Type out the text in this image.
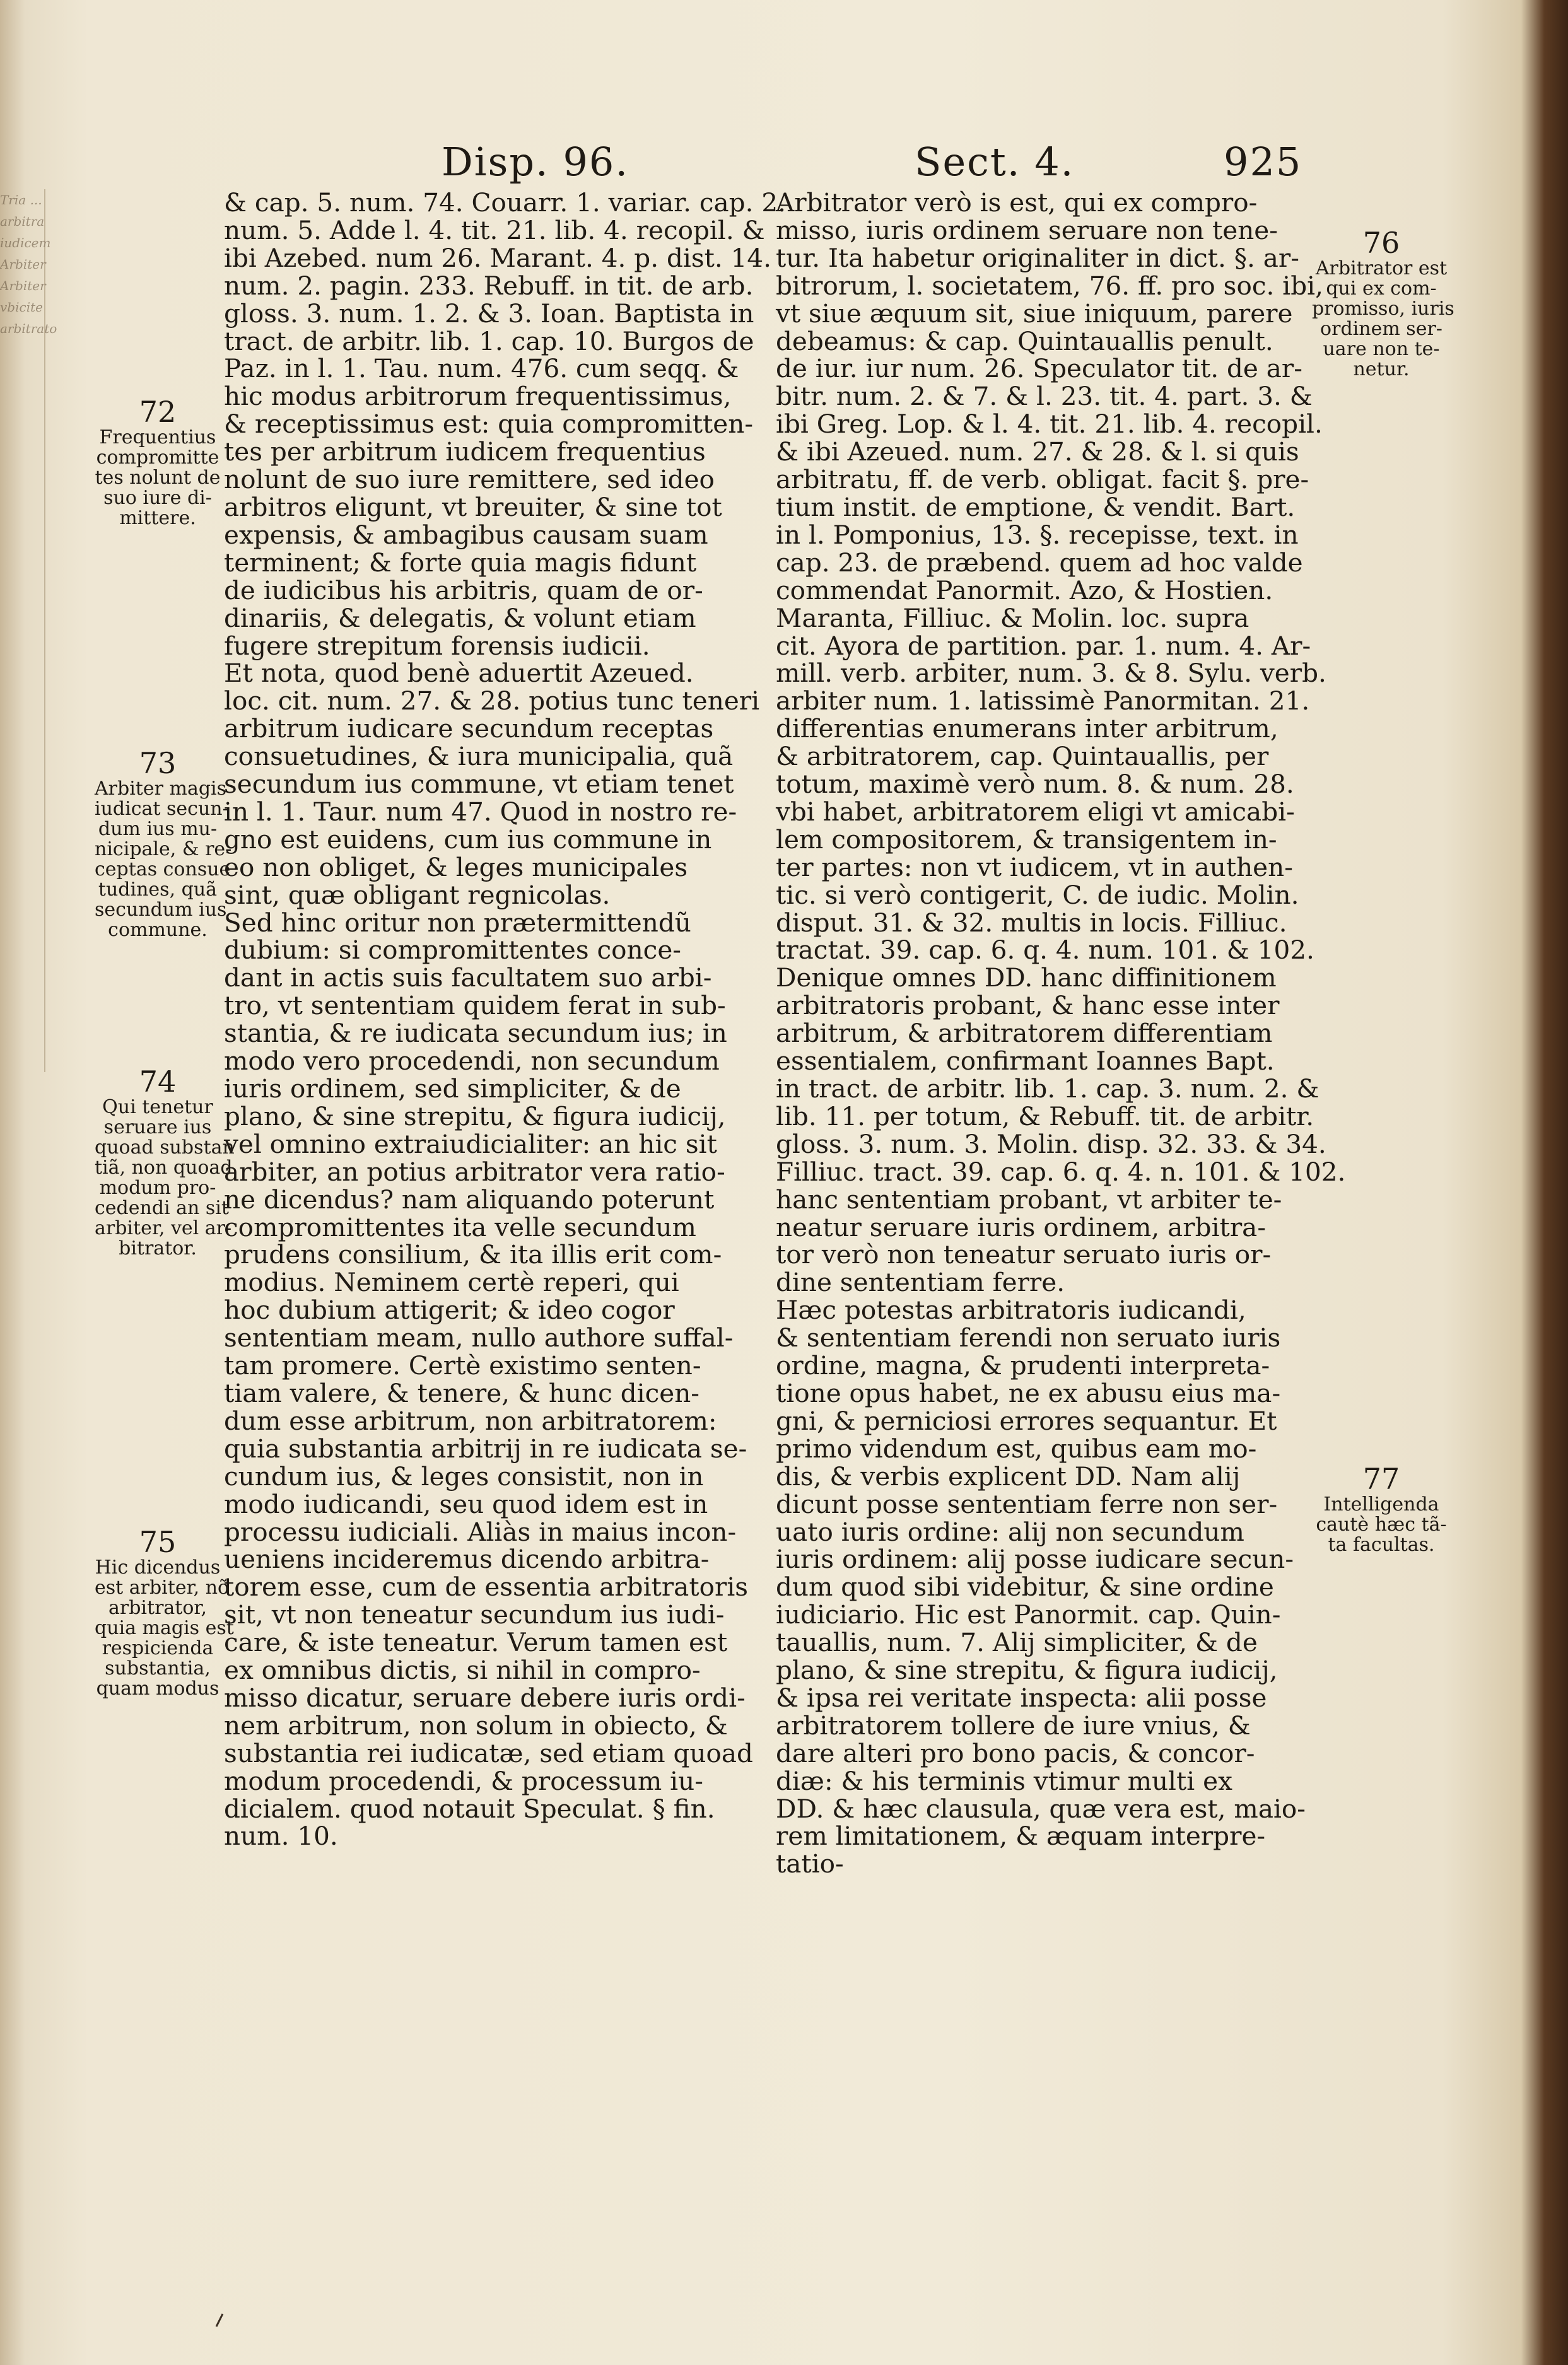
Tria ...
arbitra
iudicem
Arbiter
Arbiter
vbicite
arbitrato
Disp. 96.	Sect. 4.	925
& cap. 5. num. 74. Couarr. 1. variar. cap. 2.
num. 5. Adde l. 4. tit. 21. lib. 4. recopil. &
ibi Azebed. num 26. Marant. 4. p. dist. 14.
num. 2. pagin. 233. Rebuff. in tit. de arb.
gloss. 3. num. 1. 2. & 3. Ioan. Baptista in
tract. de arbitr. lib. 1. cap. 10. Burgos de
Paz. in l. 1. Tau. num. 476. cum seqq. &
hic modus arbitrorum frequentissimus,
& receptissimus est: quia compromitten-
tes per arbitrum iudicem frequentius
nolunt de suo iure remittere, sed ideo
arbitros eligunt, vt breuiter, & sine tot
expensis, & ambagibus causam suam
terminent; & forte quia magis fidunt
de iudicibus his arbitris, quam de or-
dinariis, & delegatis, & volunt etiam
fugere strepitum forensis iudicii.
Et nota, quod benè aduertit Azeued.
loc. cit. num. 27. & 28. potius tunc teneri
arbitrum iudicare secundum receptas
consuetudines, & iura municipalia, quã
secundum ius commune, vt etiam tenet
in l. 1. Taur. num 47. Quod in nostro re-
gno est euidens, cum ius commune in
eo non obliget, & leges municipales
sint, quæ obligant regnicolas.
Sed hinc oritur non prætermittendũ
dubium: si compromittentes conce-
dant in actis suis facultatem suo arbi-
tro, vt sententiam quidem ferat in sub-
stantia, & re iudicata secundum ius; in
modo vero procedendi, non secundum
iuris ordinem, sed simpliciter, & de
plano, & sine strepitu, & figura iudicij,
vel omnino extraiudicialiter: an hic sit
arbiter, an potius arbitrator vera ratio-
ne dicendus? nam aliquando poterunt
compromittentes ita velle secundum
prudens consilium, & ita illis erit com-
modius. Neminem certè reperi, qui
hoc dubium attigerit; & ideo cogor
sententiam meam, nullo authore suffal-
tam promere. Certè existimo senten-
tiam valere, & tenere, & hunc dicen-
dum esse arbitrum, non arbitratorem:
quia substantia arbitrij in re iudicata se-
cundum ius, & leges consistit, non in
modo iudicandi, seu quod idem est in
processu iudiciali. Aliàs in maius incon-
ueniens incideremus dicendo arbitra-
torem esse, cum de essentia arbitratoris
sit, vt non teneatur secundum ius iudi-
care, & iste teneatur. Verum tamen est
ex omnibus dictis, si nihil in compro-
misso dicatur, seruare debere iuris ordi-
nem arbitrum, non solum in obiecto, &
substantia rei iudicatæ, sed etiam quoad
modum procedendi, & processum iu-
dicialem. quod notauit Speculat. § fin.
num. 10.
Arbitrator verò is est, qui ex compro-
misso, iuris ordinem seruare non tene-
tur. Ita habetur originaliter in dict. §. ar-
bitrorum, l. societatem, 76. ff. pro soc. ibi,
vt siue æquum sit, siue iniquum, parere
debeamus: & cap. Quintauallis penult.
de iur. iur num. 26. Speculator tit. de ar-
bitr. num. 2. & 7. & l. 23. tit. 4. part. 3. &
ibi Greg. Lop. & l. 4. tit. 21. lib. 4. recopil.
& ibi Azeued. num. 27. & 28. & l. si quis
arbitratu, ff. de verb. obligat. facit §. pre-
tium instit. de emptione, & vendit. Bart.
in l. Pomponius, 13. §. recepisse, text. in
cap. 23. de præbend. quem ad hoc valde
commendat Panormit. Azo, & Hostien.
Maranta, Filliuc. & Molin. loc. supra
cit. Ayora de partition. par. 1. num. 4. Ar-
mill. verb. arbiter, num. 3. & 8. Sylu. verb.
arbiter num. 1. latissimè Panormitan. 21.
differentias enumerans inter arbitrum,
& arbitratorem, cap. Quintauallis, per
totum, maximè verò num. 8. & num. 28.
vbi habet, arbitratorem eligi vt amicabi-
lem compositorem, & transigentem in-
ter partes: non vt iudicem, vt in authen-
tic. si verò contigerit, C. de iudic. Molin.
disput. 31. & 32. multis in locis. Filliuc.
tractat. 39. cap. 6. q. 4. num. 101. & 102.
Denique omnes DD. hanc diffinitionem
arbitratoris probant, & hanc esse inter
arbitrum, & arbitratorem differentiam
essentialem, confirmant Ioannes Bapt.
in tract. de arbitr. lib. 1. cap. 3. num. 2. &
lib. 11. per totum, & Rebuff. tit. de arbitr.
gloss. 3. num. 3. Molin. disp. 32. 33. & 34.
Filliuc. tract. 39. cap. 6. q. 4. n. 101. & 102.
hanc sententiam probant, vt arbiter te-
neatur seruare iuris ordinem, arbitra-
tor verò non teneatur seruato iuris or-
dine sententiam ferre.
Hæc potestas arbitratoris iudicandi,
& sententiam ferendi non seruato iuris
ordine, magna, & prudenti interpreta-
tione opus habet, ne ex abusu eius ma-
gni, & perniciosi errores sequantur. Et
primo videndum est, quibus eam mo-
dis, & verbis explicent DD. Nam alij
dicunt posse sententiam ferre non ser-
uato iuris ordine: alij non secundum
iuris ordinem: alij posse iudicare secun-
dum quod sibi videbitur, & sine ordine
iudiciario. Hic est Panormit. cap. Quin-
tauallis, num. 7. Alij simpliciter, & de
plano, & sine strepitu, & figura iudicij,
& ipsa rei veritate inspecta: alii posse
arbitratorem tollere de iure vnius, &
dare alteri pro bono pacis, & concor-
diæ: & his terminis vtimur multi ex
DD. & hæc clausula, quæ vera est, maio-
rem limitationem, & æquam interpre-
tatio-
72
Frequentius
compromitte
tes nolunt de
suo iure di-
mittere.
73
Arbiter magis
iudicat secun-
dum ius mu-
nicipale, & re-
ceptas consue
tudines, quã
secundum ius
commune.
74
Qui tenetur
seruare ius
quoad substan
tiã, non quoad
modum pro-
cedendi an sit
arbiter, vel ar-
bitrator.
75
Hic dicendus
est arbiter, nõ
arbitrator,
quia magis est
respicienda
substantia,
quam modus
76
Arbitrator est
qui ex com-
promisso, iuris
ordinem ser-
uare non te-
netur.
77
Intelligenda
cautè hæc tã-
ta facultas.
